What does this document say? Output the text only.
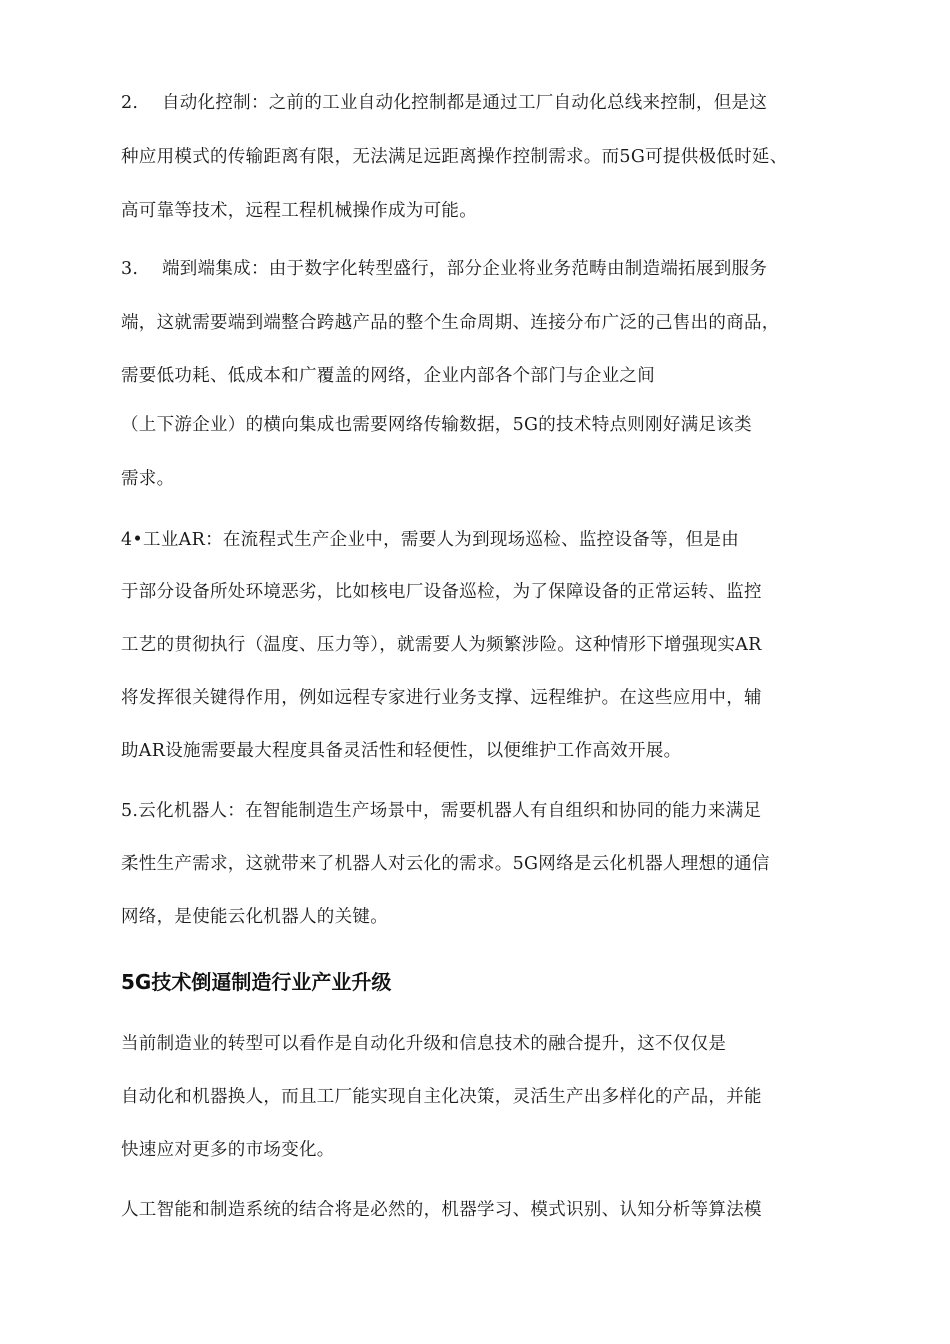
2.　 自动化控制：之前的工业自动化控制都是通过工厂自动化总线来控制，但是这

种应用模式的传输距离有限，无法满足远距离操作控制需求。而5G可提供极低时延、

高可靠等技术，远程工程机械操作成为可能。

3.　 端到端集成：由于数字化转型盛行，部分企业将业务范畴由制造端拓展到服务

端，这就需要端到端整合跨越产品的整个生命周期、连接分布广泛的己售出的商品，

需要低功耗、低成本和广覆盖的网络，企业内部各个部门与企业之间

（上下游企业）的横向集成也需要网络传输数据，5G的技术特点则刚好满足该类

需求。

4•工业AR：在流程式生产企业中，需要人为到现场巡检、监控设备等，但是由

于部分设备所处环境恶劣，比如核电厂设备巡检，为了保障设备的正常运转、监控

工艺的贯彻执行（温度、压力等），就需要人为频繁涉险。这种情形下增强现实AR

将发挥很关键得作用，例如远程专家进行业务支撑、远程维护。在这些应用中，辅

助AR设施需要最大程度具备灵活性和轻便性，以便维护工作高效开展。

5.云化机器人：在智能制造生产场景中，需要机器人有自组织和协同的能力来满足

柔性生产需求，这就带来了机器人对云化的需求。5G网络是云化机器人理想的通信

网络，是使能云化机器人的关键。

5G技术倒逼制造行业产业升级

当前制造业的转型可以看作是自动化升级和信息技术的融合提升，这不仅仅是

自动化和机器换人，而且工厂能实现自主化决策，灵活生产出多样化的产品，并能

快速应对更多的市场变化。

人工智能和制造系统的结合将是必然的，机器学习、模式识别、认知分析等算法模
